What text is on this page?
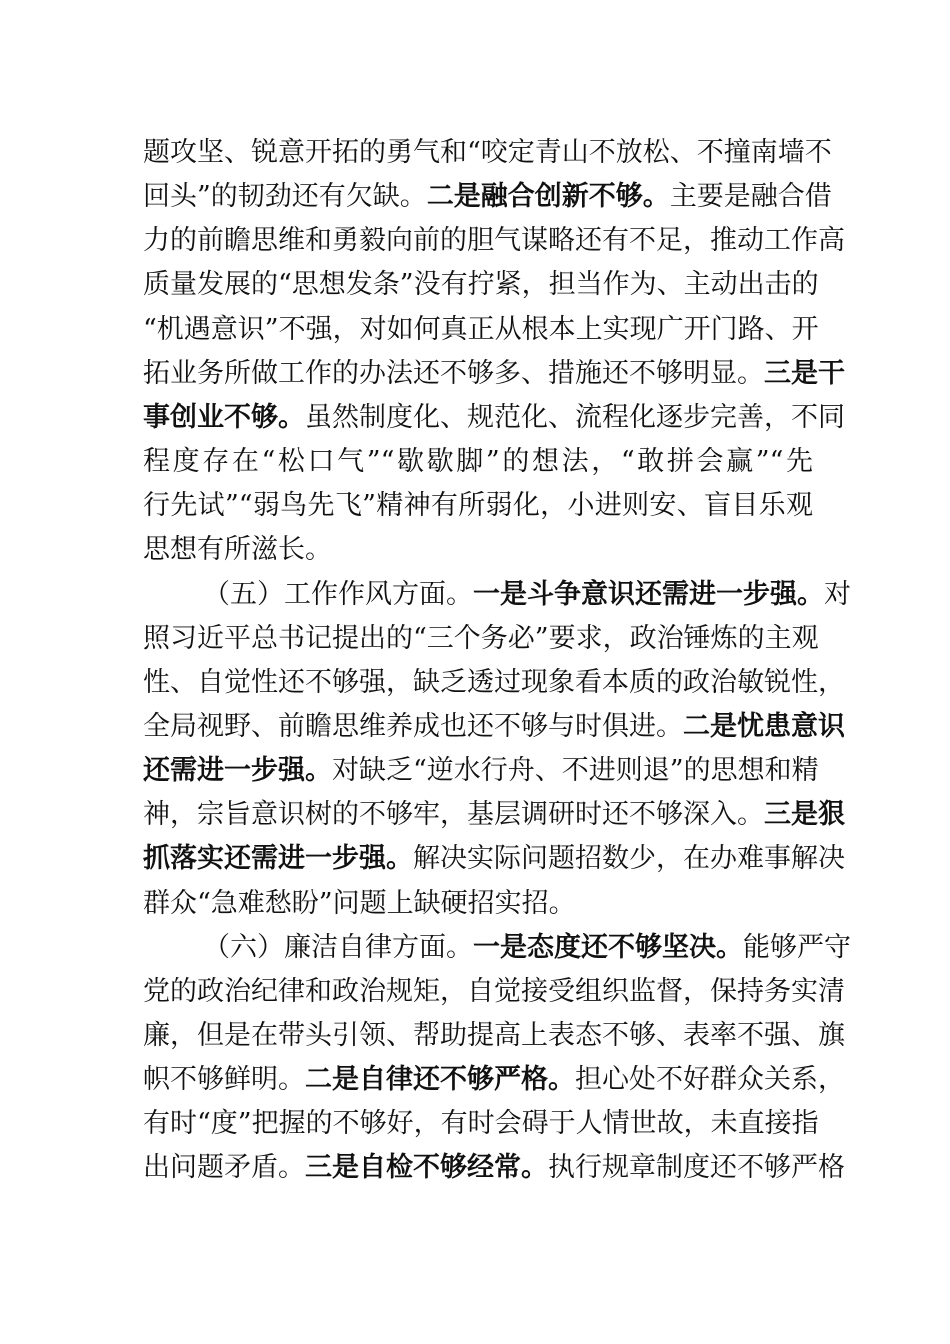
题攻坚、锐意开拓的勇气和“咬定青山不放松、不撞南墙不
回头”的韧劲还有欠缺。二是融合创新不够。主要是融合借
力的前瞻思维和勇毅向前的胆气谋略还有不足，推动工作高
质量发展的“思想发条”没有拧紧，担当作为、主动出击的
“机遇意识”不强，对如何真正从根本上实现广开门路、开
拓业务所做工作的办法还不够多、措施还不够明显。三是干
事创业不够。虽然制度化、规范化、流程化逐步完善，不同
程度存在“松口气”“歇歇脚”的想法，“敢拼会赢”“先
行先试”“弱鸟先飞”精神有所弱化，小进则安、盲目乐观
思想有所滋长。
（五）工作作风方面。一是斗争意识还需进一步强。对
照习近平总书记提出的“三个务必”要求，政治锤炼的主观
性、自觉性还不够强，缺乏透过现象看本质的政治敏锐性，
全局视野、前瞻思维养成也还不够与时俱进。二是忧患意识
还需进一步强。对缺乏“逆水行舟、不进则退”的思想和精
神，宗旨意识树的不够牢，基层调研时还不够深入。三是狠
抓落实还需进一步强。解决实际问题招数少，在办难事解决
群众“急难愁盼”问题上缺硬招实招。
（六）廉洁自律方面。一是态度还不够坚决。能够严守
党的政治纪律和政治规矩，自觉接受组织监督，保持务实清
廉，但是在带头引领、帮助提高上表态不够、表率不强、旗
帜不够鲜明。二是自律还不够严格。担心处不好群众关系，
有时“度”把握的不够好，有时会碍于人情世故，未直接指
出问题矛盾。三是自检不够经常。执行规章制度还不够严格
